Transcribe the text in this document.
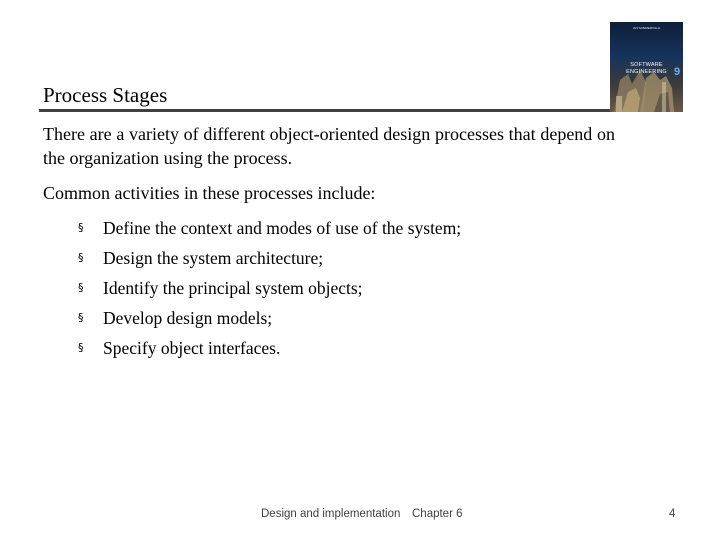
Process Stages
IAN SOMMERVILLE
SOFTWARE ENGINEERING 9
There are a variety of different object-oriented design processes that depend on the organization using the process.
Common activities in these processes include:
§	Define the context and modes of use of the system;
§	Design the system architecture;
§	Identify the principal system objects;
§	Develop design models;
§	Specify object interfaces.
Design and implementation Chapter 6	4
